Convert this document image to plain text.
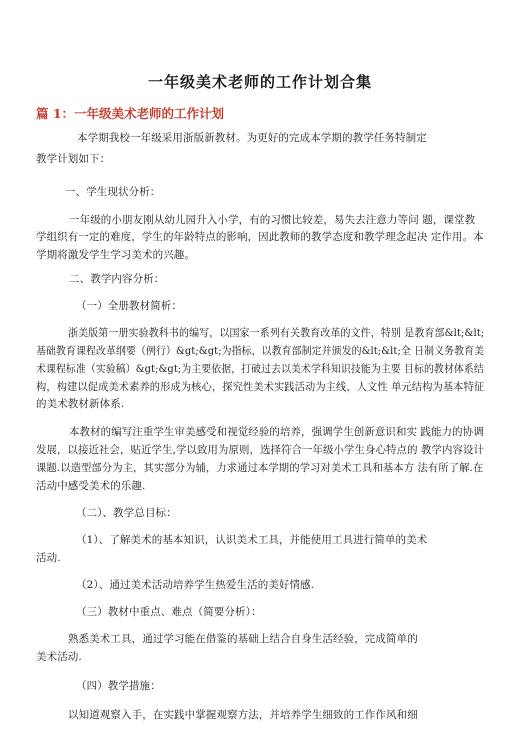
一年级美术老师的工作计划合集
篇 1：一年级美术老师的工作计划
本学期我校一年级采用浙版新教材。为更好的完成本学期的教学任务特制定
教学计划如下：
一、学生现状分析：
一年级的小朋友刚从幼儿园升入小学，有的习惯比较差，易失去注意力等问 题，课堂教
学组织有一定的难度，学生的年龄特点的影响，因此教师的教学态度和教学理念起决 定作用。本
学期将激发学生学习美术的兴趣。
二、教学内容分析：
（一）全册教材简析：
浙美版第一册实验教科书的编写，以国家一系列有关教育改革的文件，特别 是教育部&lt;&lt;
基础教育课程改革纲要（例行）&gt;&gt;为指标，以教育部制定并颁发的&lt;&lt;全 日制义务教育美
术课程标准（实验稿）&gt;&gt;为主要依据，打破过去以美术学科知识技能为主要 目标的教材体系结
构，构建以促成美术素养的形成为核心，探究性美术实践活动为主线，人文性 单元结构为基本特征
的美术教材新体系.
本教材的编写注重学生审美感受和视觉经验的培养，强调学生创新意识和实 践能力的协调
发展，以接近社会，贴近学生,学以致用为原则，选择符合一年级小学生身心特点的 教学内容设计
课题.以造型部分为主，其实部分为辅，力求通过本学期的学习对美术工具和基本方 法有所了解.在
活动中感受美术的乐趣.
（二）、教学总目标：
（1）、了解美术的基本知识，认识美术工具，并能使用工具进行简单的美术
活动.
（2）、通过美术活动培养学生热爱生活的美好情感.
（三）教材中重点、难点（简要分析）：
熟悉美术工具，通过学习能在借鉴的基础上结合自身生活经验，完成简单的
美术活动.
（四）教学措施：
以知道观察入手，在实践中掌握观察方法，并培养学生细致的工作作风和细
